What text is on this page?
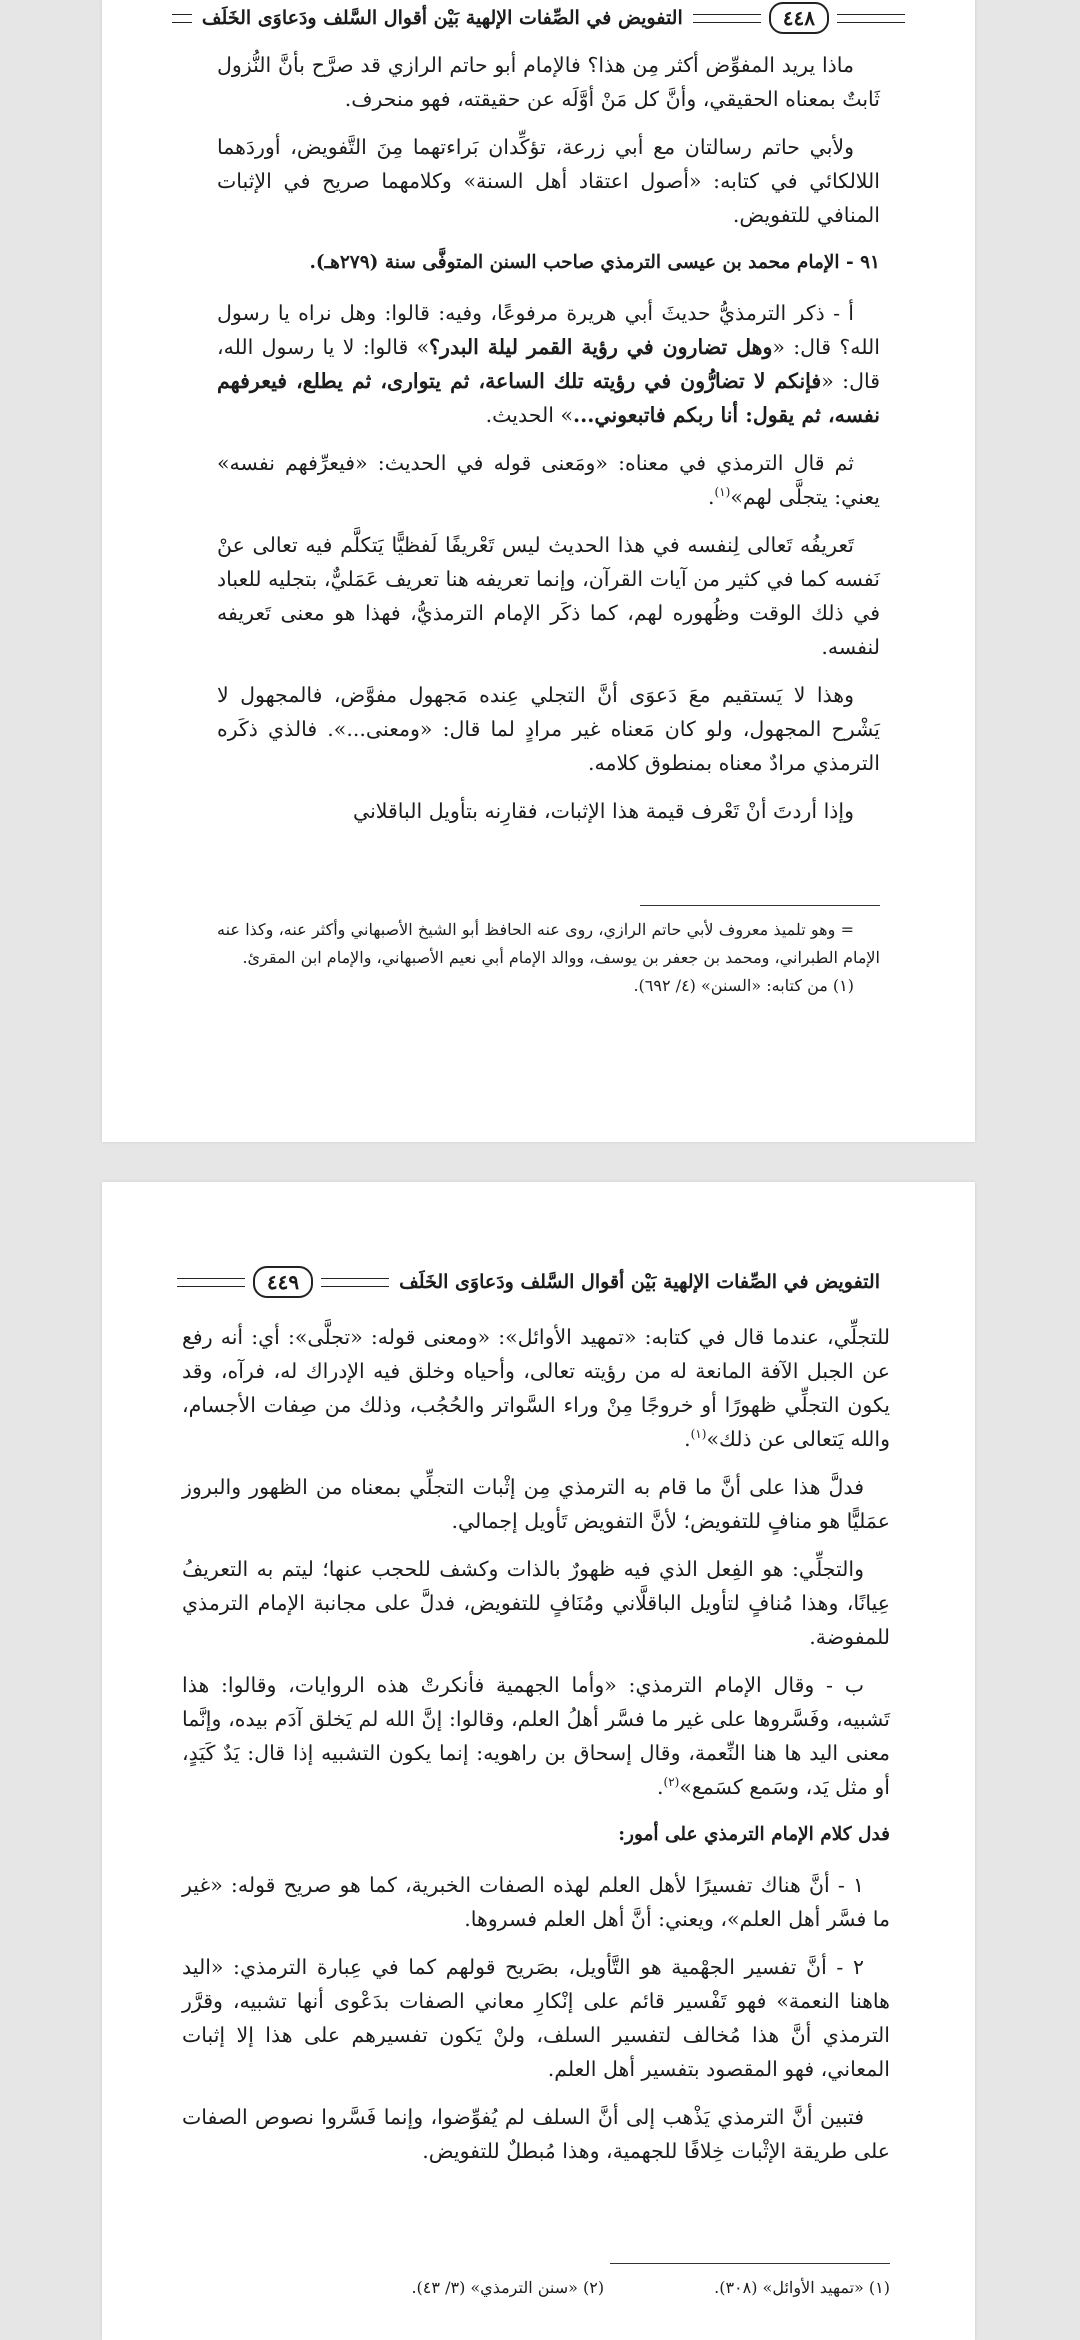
٤٤٨
التفويض في الصِّفات الإلهية بَيْن أقوال السَّلف ودَعاوَى الخَلَف

ماذا يريد المفوِّض أكثر مِن هذا؟ فالإمام أبو حاتم الرازي قد صرَّح بأنَّ النُّزول ثَابتٌ بمعناه الحقيقي، وأنَّ كل مَنْ أوَّلَه عن حقيقته، فهو منحرف.

ولأبي حاتم رسالتان مع أبي زرعة، تؤكِّدان بَراءتهما مِنَ التَّفويض، أوردَهما اللالكائي في كتابه: «أصول اعتقاد أهل السنة» وكلامهما صريح في الإثبات المنافي للتفويض.

٩١ - الإمام محمد بن عيسى الترمذي صاحب السنن المتوفَّى سنة (٢٧٩هـ).

أ - ذكر الترمذيُّ حديثَ أبي هريرة مرفوعًا، وفيه: قالوا: وهل نراه يا رسول الله؟ قال: «وهل تضارون في رؤية القمر ليلة البدر؟» قالوا: لا يا رسول الله، قال: «فإنكم لا تضارُّون في رؤيته تلك الساعة، ثم يتوارى، ثم يطلع، فيعرفهم نفسه، ثم يقول: أنا ربكم فاتبعوني...» الحديث.

ثم قال الترمذي في معناه: «ومَعنى قوله في الحديث: «فيعرِّفهم نفسه» يعني: يتجلَّى لهم»$^{(١)}$.

تَعريفُه تَعالى لِنفسه في هذا الحديث ليس تَعْريفًا لَفظيًّا يَتكلَّم فيه تعالى عنْ نَفسه كما في كثير من آيات القرآن، وإنما تعريفه هنا تعريف عَمَليٌّ، بتجليه للعباد في ذلك الوقت وظُهوره لهم، كما ذكَر الإمام الترمذيُّ، فهذا هو معنى تَعريفه لنفسه.

وهذا لا يَستقيم معَ دَعوَى أنَّ التجلي عِنده مَجهول مفوَّض، فالمجهول لا يَشْرح المجهول، ولو كان مَعناه غير مرادٍ لما قال: «ومعنى...». فالذي ذكَره الترمذي مرادٌ معناه بمنطوق كلامه.

وإذا أردتَ أنْ تَعْرف قيمة هذا الإثبات، فقارِنه بتأويل الباقلاني

= وهو تلميذ معروف لأبي حاتم الرازي، روى عنه الحافظ أبو الشيخ الأصبهاني وأكثر عنه، وكذا عنه الإمام الطبراني، ومحمد بن جعفر بن يوسف، ووالد الإمام أبي نعيم الأصبهاني، والإمام ابن المقرئ.

(١) من كتابه: «السنن» (٤/ ٦٩٢).

التفويض في الصِّفات الإلهية بَيْن أقوال السَّلف ودَعاوَى الخَلَف
٤٤٩

للتجلِّي، عندما قال في كتابه: «تمهيد الأوائل»: «ومعنى قوله: «تجلَّى»: أي: أنه رفع عن الجبل الآفة المانعة له من رؤيته تعالى، وأحياه وخلق فيه الإدراك له، فرآه، وقد يكون التجلِّي ظهورًا أو خروجًا مِنْ وراء السَّواتر والحُجُب، وذلك من صِفات الأجسام، والله يَتعالى عن ذلك»$^{(١)}$.

فدلَّ هذا على أنَّ ما قام به الترمذي مِن إثْبات التجلِّي بمعناه من الظهور والبروز عمَليًّا هو منافٍ للتفويض؛ لأنَّ التفويض تَأويل إجمالي.

والتجلِّي: هو الفِعل الذي فيه ظهورٌ بالذات وكشف للحجب عنها؛ ليتم به التعريفُ عِيانًا، وهذا مُنافٍ لتأويل الباقلَّاني ومُنَافٍ للتفويض، فدلَّ على مجانبة الإمام الترمذي للمفوضة.

ب - وقال الإمام الترمذي: «وأما الجهمية فأنكرتْ هذه الروايات، وقالوا: هذا تَشبيه، وفَسَّروها على غير ما فسَّر أهلُ العلم، وقالوا: إنَّ الله لم يَخلق آدَم بيده، وإنَّما معنى اليد ها هنا النِّعمة، وقال إسحاق بن راهويه: إنما يكون التشبيه إذا قال: يَدٌ كَيَدٍ، أو مثل يَد، وسَمع كسَمع»$^{(٢)}$.

فدل كلام الإمام الترمذي على أمور:

١ - أنَّ هناك تفسيرًا لأهل العلم لهذه الصفات الخبرية، كما هو صريح قوله: «غير ما فسَّر أهل العلم»، ويعني: أنَّ أهل العلم فسروها.

٢ - أنَّ تفسير الجهْمية هو التَّأويل، بصَريح قولهم كما في عِبارة الترمذي: «اليد هاهنا النعمة» فهو تَفْسير قائم على إنْكارِ معاني الصفات بدَعْوى أنها تشبيه، وقرَّر الترمذي أنَّ هذا مُخالف لتفسير السلف، ولنْ يَكون تفسيرهم على هذا إلا إثبات المعاني، فهو المقصود بتفسير أهل العلم.

فتبين أنَّ الترمذي يَذْهب إلى أنَّ السلف لم يُفوِّضوا، وإنما فَسَّروا نصوص الصفات على طريقة الإثْبات خِلافًا للجهمية، وهذا مُبطلٌ للتفويض.

(١) «تمهيد الأوائل» (٣٠٨).
(٢) «سنن الترمذي» (٣/ ٤٣).
